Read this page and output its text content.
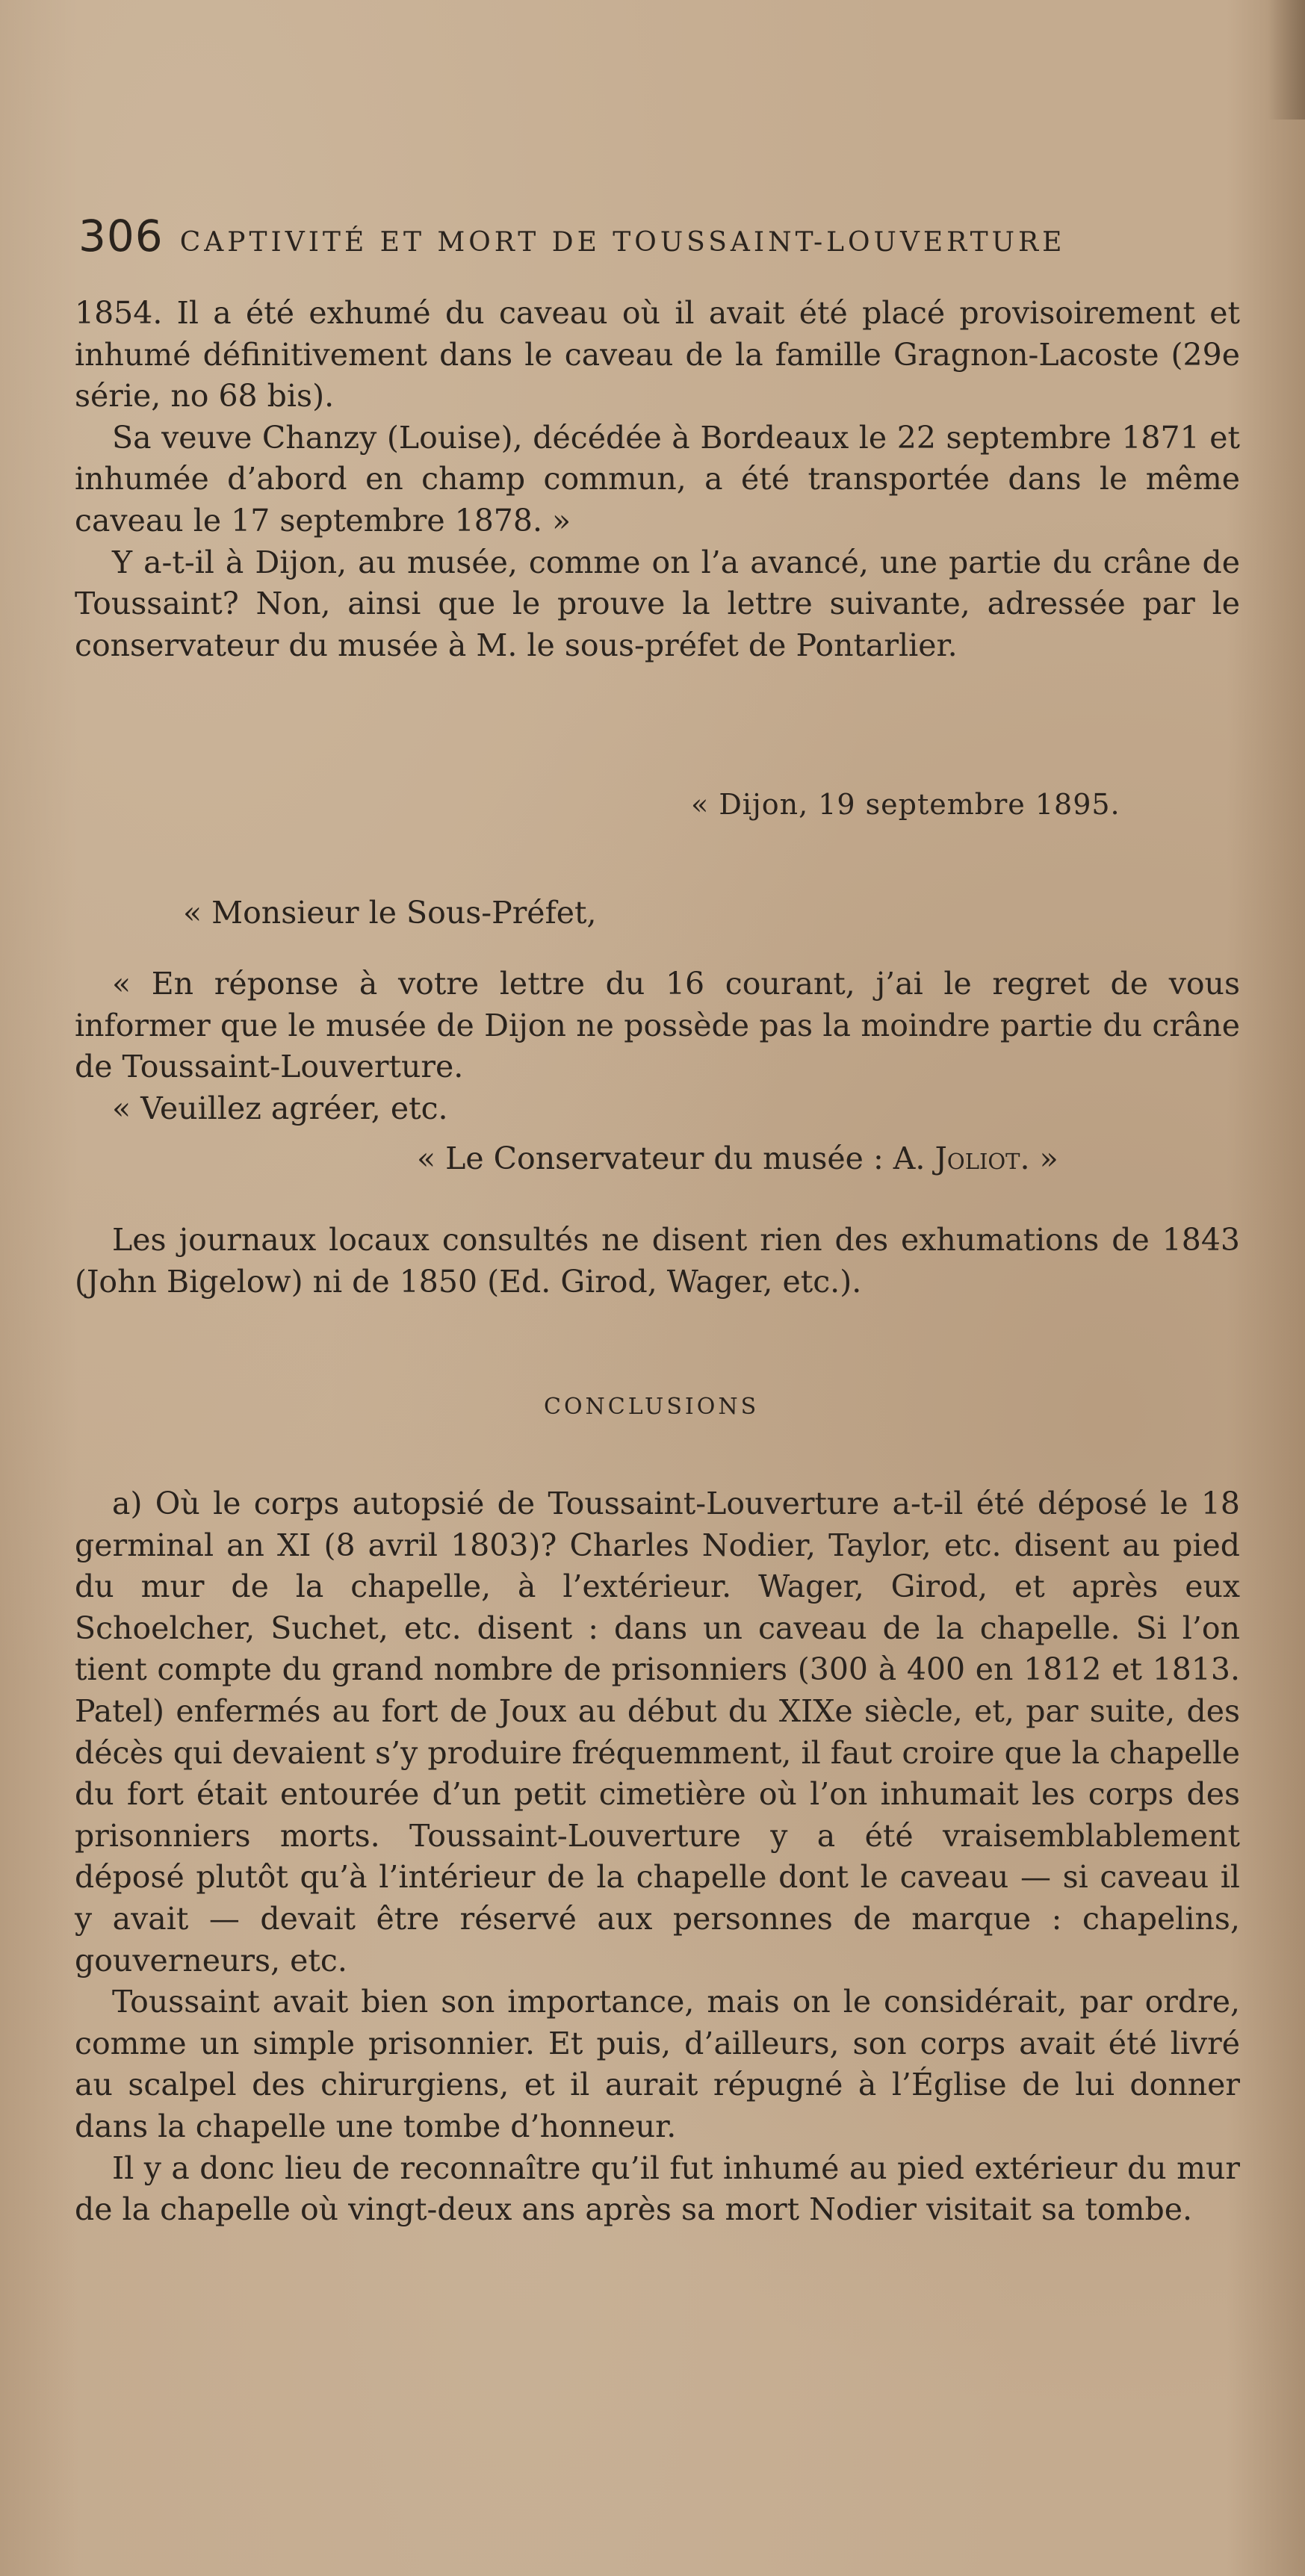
306 CAPTIVITÉ ET MORT DE TOUSSAINT-LOUVERTURE

1854. Il a été exhumé du caveau où il avait été placé provisoirement et inhumé définitivement dans le caveau de la famille Gragnon-Lacoste (29e série, no 68 bis).

Sa veuve Chanzy (Louise), décédée à Bordeaux le 22 septembre 1871 et inhumée d’abord en champ commun, a été transportée dans le même caveau le 17 septembre 1878. »

Y a-t-il à Dijon, au musée, comme on l’a avancé, une partie du crâne de Toussaint? Non, ainsi que le prouve la lettre suivante, adressée par le conservateur du musée à M. le sous-préfet de Pontarlier.

« Dijon, 19 septembre 1895.
« Monsieur le Sous-Préfet,

« En réponse à votre lettre du 16 courant, j’ai le regret de vous informer que le musée de Dijon ne possède pas la moindre partie du crâne de Toussaint-Louverture.

« Veuillez agréer, etc.

« Le Conservateur du musée : A. Joliot. »

Les journaux locaux consultés ne disent rien des exhumations de 1843 (John Bigelow) ni de 1850 (Ed. Girod, Wager, etc.).

CONCLUSIONS

a) Où le corps autopsié de Toussaint-Louverture a-t-il été déposé le 18 germinal an XI (8 avril 1803)? Charles Nodier, Taylor, etc. disent au pied du mur de la chapelle, à l’extérieur. Wager, Girod, et après eux Schoelcher, Suchet, etc. disent : dans un caveau de la chapelle. Si l’on tient compte du grand nombre de prisonniers (300 à 400 en 1812 et 1813. Patel) enfermés au fort de Joux au début du XIXe siècle, et, par suite, des décès qui devaient s’y produire fréquemment, il faut croire que la chapelle du fort était entourée d’un petit cimetière où l’on inhumait les corps des prisonniers morts. Toussaint-Louverture y a été vraisemblablement déposé plutôt qu’à l’intérieur de la chapelle dont le caveau — si caveau il y avait — devait être réservé aux personnes de marque : chapelins, gouverneurs, etc.

Toussaint avait bien son importance, mais on le considérait, par ordre, comme un simple prisonnier. Et puis, d’ailleurs, son corps avait été livré au scalpel des chirurgiens, et il aurait répugné à l’Église de lui donner dans la chapelle une tombe d’honneur.

Il y a donc lieu de reconnaître qu’il fut inhumé au pied extérieur du mur de la chapelle où vingt-deux ans après sa mort Nodier visitait sa tombe.
